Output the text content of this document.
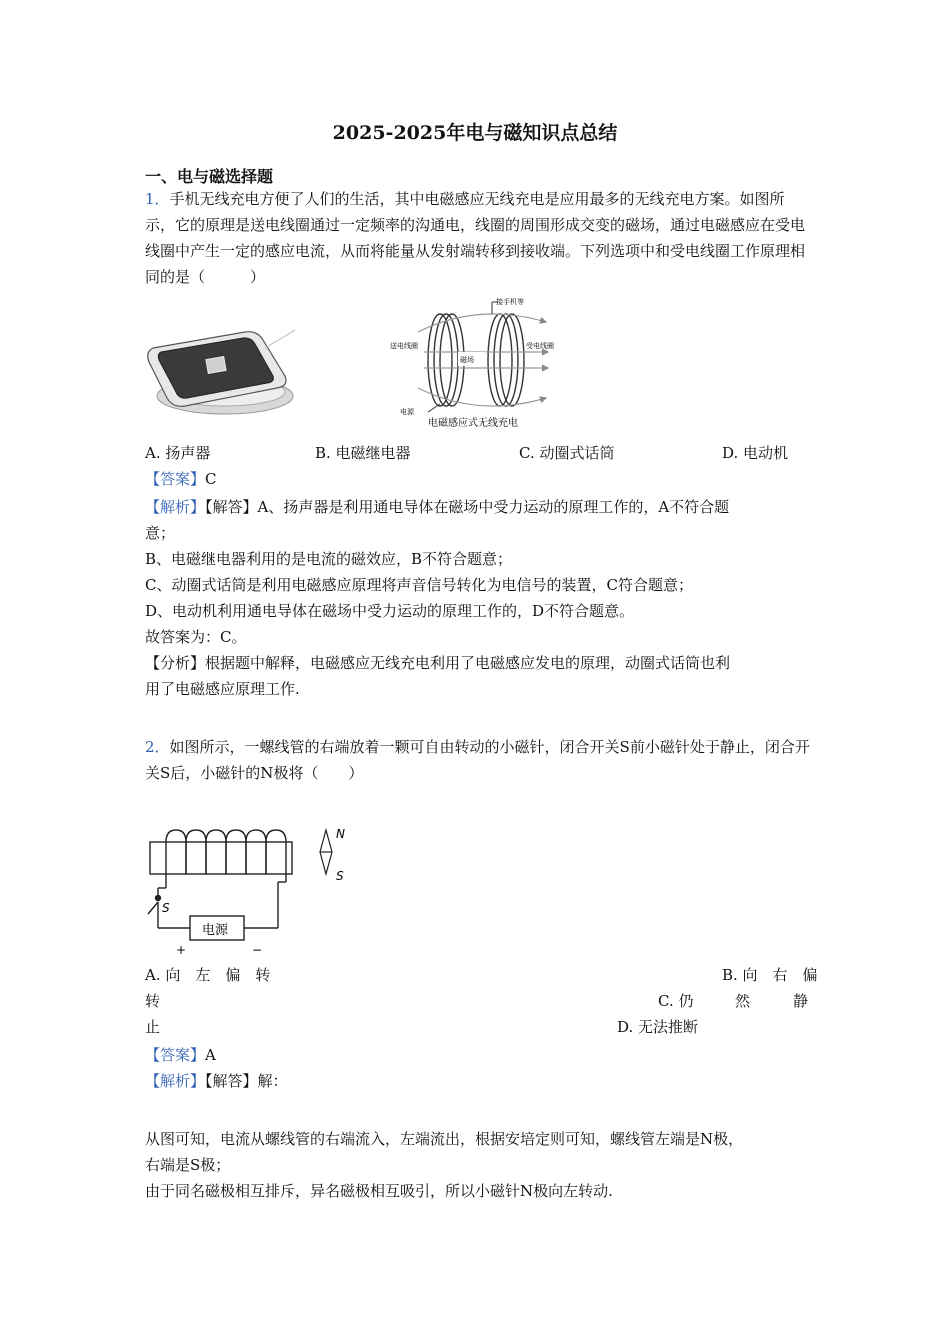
2025-2025年电与磁知识点总结
一、电与磁选择题
1．手机无线充电方便了人们的生活，其中电磁感应无线充电是应用最多的无线充电方案。如图所示，它的原理是送电线圈通过一定频率的沟通电，线圈的周围形成交变的磁场，通过电磁感应在受电线圈中产生一定的感应电流，从而将能量从发射端转移到接收端。下列选项中和受电线圈工作原理相同的是（　　　）
接手机等
送电线圈
磁场
受电线圈
电源
电磁感应式无线充电
A. 扬声器	B. 电磁继电器	C. 动圈式话筒	D. 电动机
【答案】C
【解析】【解答】A、扬声器是利用通电导体在磁场中受力运动的原理工作的，A不符合题
意；
B、电磁继电器利用的是电流的磁效应，B不符合题意；
C、动圈式话筒是利用电磁感应原理将声音信号转化为电信号的装置，C符合题意；
D、电动机利用通电导体在磁场中受力运动的原理工作的，D不符合题意。
故答案为：C。
【分析】根据题中解释，电磁感应无线充电利用了电磁感应发电的原理，动圈式话筒也利
用了电磁感应原理工作.
2．如图所示，一螺线管的右端放着一颗可自由转动的小磁针，闭合开关S前小磁针处于静止，闭合开关S后，小磁针的N极将（　　）
N
S
S
电源
+	−
A. 向　左　偏　转	B. 向　右　偏
转	C. 仍	然	静
止	D. 无法推断
【答案】A
【解析】【解答】解：
从图可知，电流从螺线管的右端流入，左端流出，根据安培定则可知，螺线管左端是N极，
右端是S极；
由于同名磁极相互排斥，异名磁极相互吸引，所以小磁针N极向左转动.
